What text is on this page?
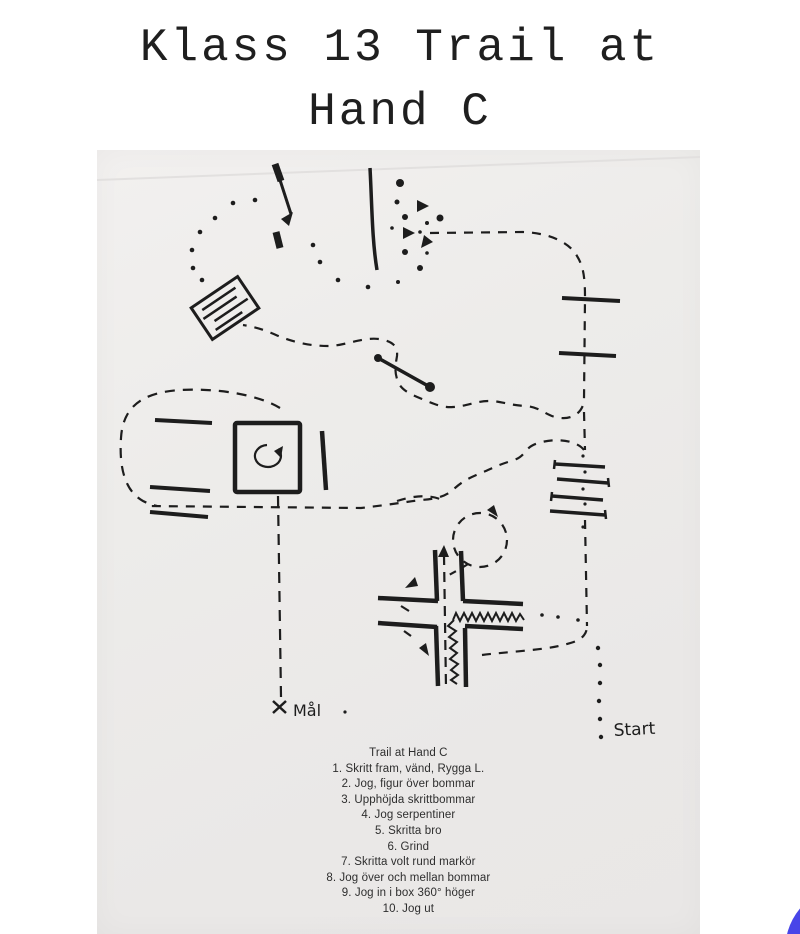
Klass 13 Trail at
Hand C
Mål
Start
Trail at Hand C
1. Skritt fram, vänd, Rygga L.
2. Jog, figur över bommar
3. Upphöjda skrittbommar
4. Jog serpentiner
5. Skritta bro
6. Grind
7. Skritta volt rund markör
8. Jog över och mellan bommar
9. Jog in i box 360° höger
10. Jog ut
